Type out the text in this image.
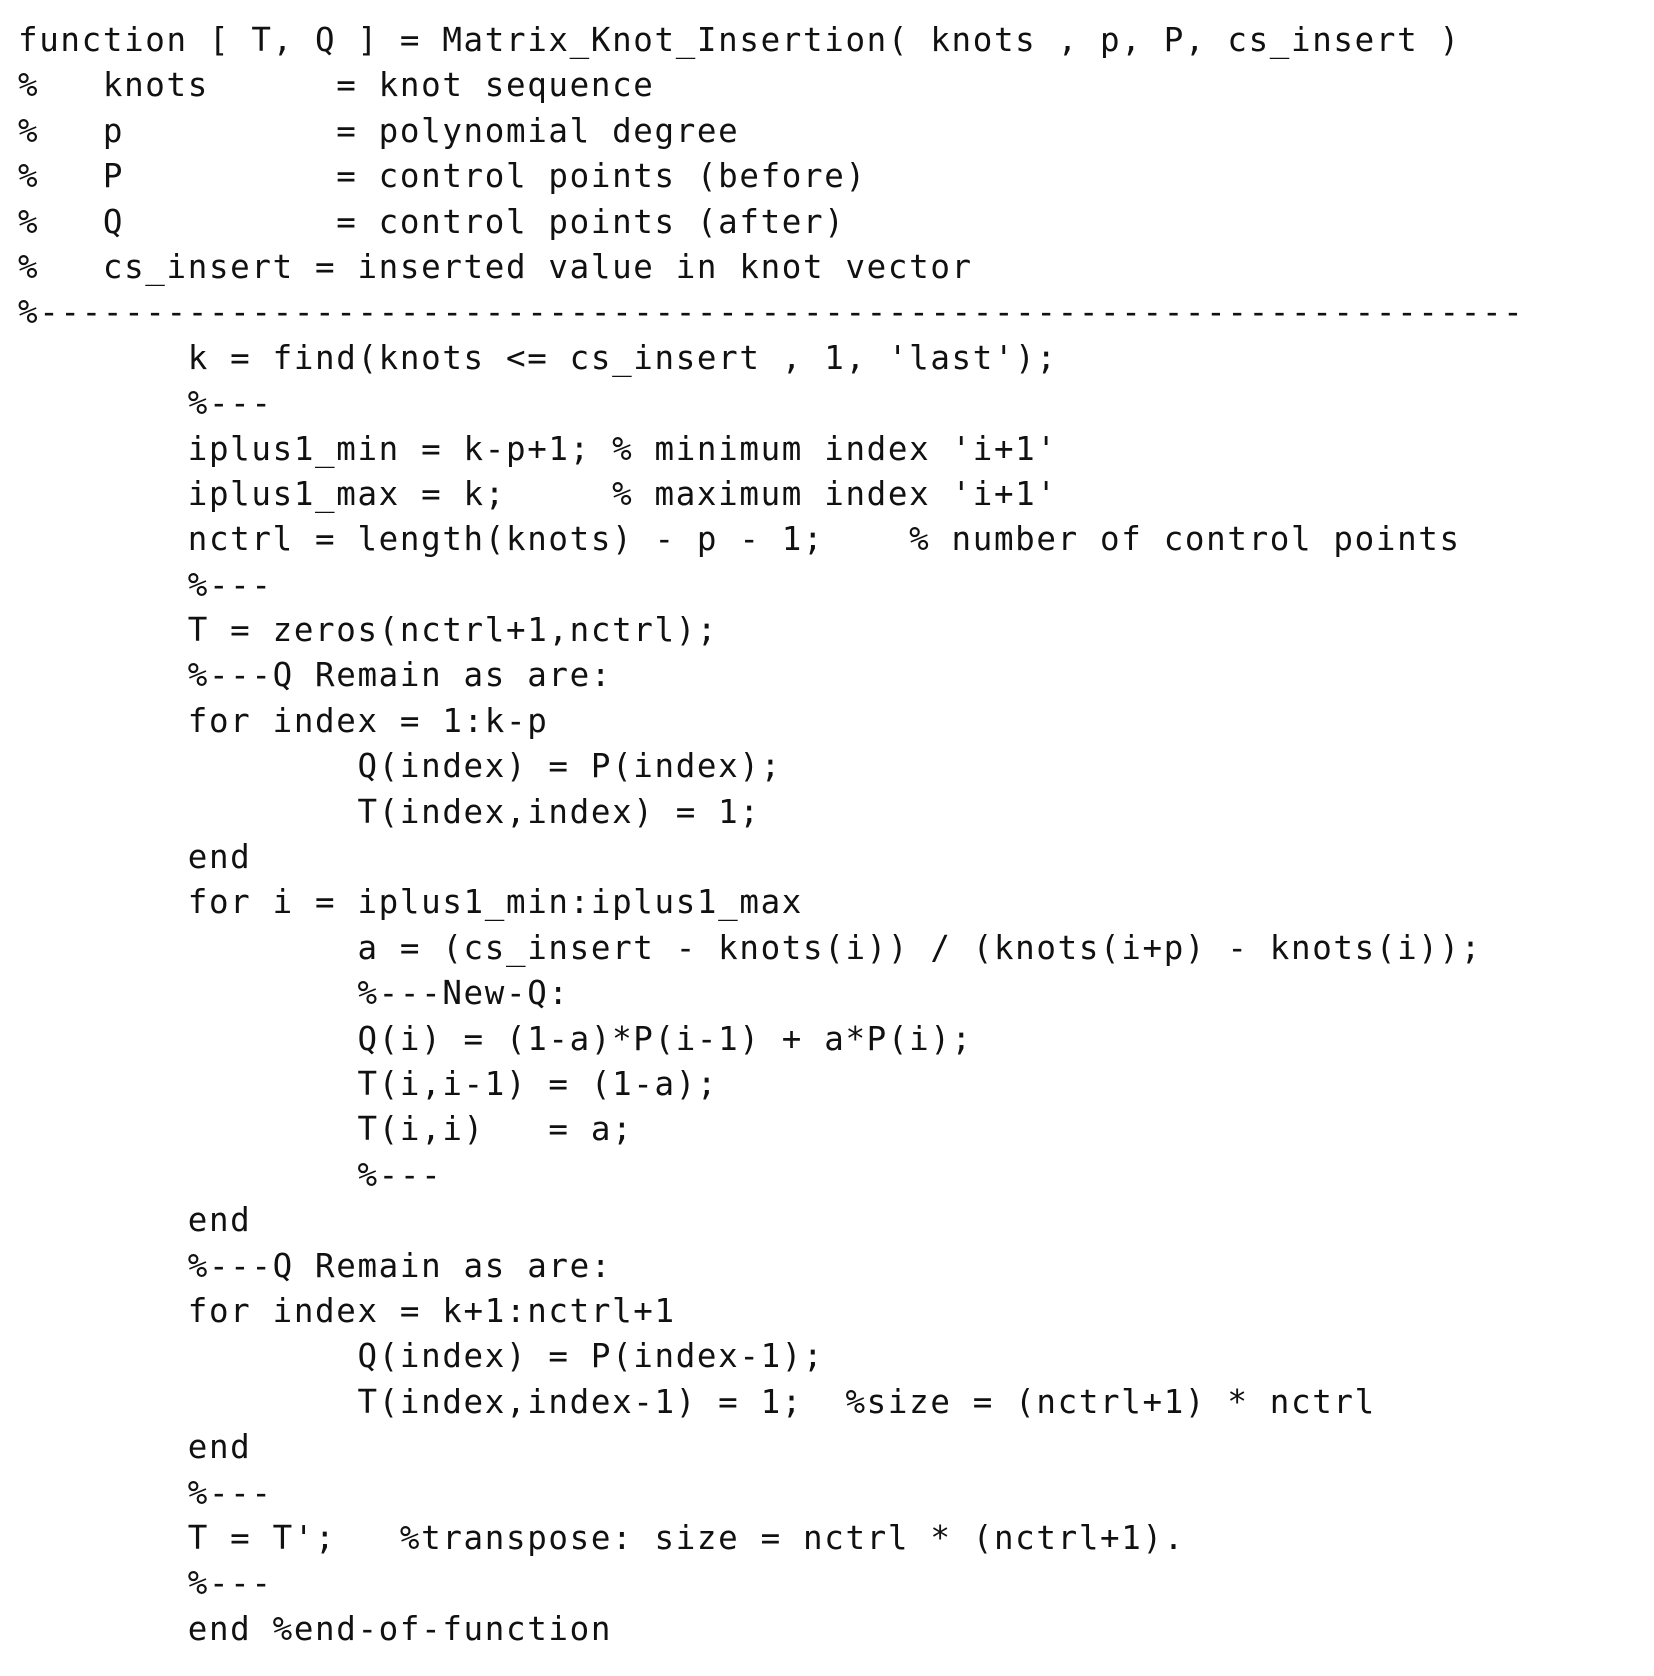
function [ T, Q ] = Matrix_Knot_Insertion( knots , p, P, cs_insert )
%   knots      = knot sequence
%   p          = polynomial degree
%   P          = control points (before)
%   Q          = control points (after)
%   cs_insert = inserted value in knot vector
%----------------------------------------------------------------------
k = find(knots <= cs_insert , 1, 'last');
%---
iplus1_min = k-p+1; % minimum index 'i+1'
iplus1_max = k;     % maximum index 'i+1'
nctrl = length(knots) - p - 1;    % number of control points
%---
T = zeros(nctrl+1,nctrl);
%---Q Remain as are:
for index = 1:k-p
Q(index) = P(index);
T(index,index) = 1;
end
for i = iplus1_min:iplus1_max
a = (cs_insert - knots(i)) / (knots(i+p) - knots(i));
%---New-Q:
Q(i) = (1-a)*P(i-1) + a*P(i);
T(i,i-1) = (1-a);
T(i,i)   = a;
%---
end
%---Q Remain as are:
for index = k+1:nctrl+1
Q(index) = P(index-1);
T(index,index-1) = 1;  %size = (nctrl+1) * nctrl
end
%---
T = T';   %transpose: size = nctrl * (nctrl+1).
%---
end %end-of-function
